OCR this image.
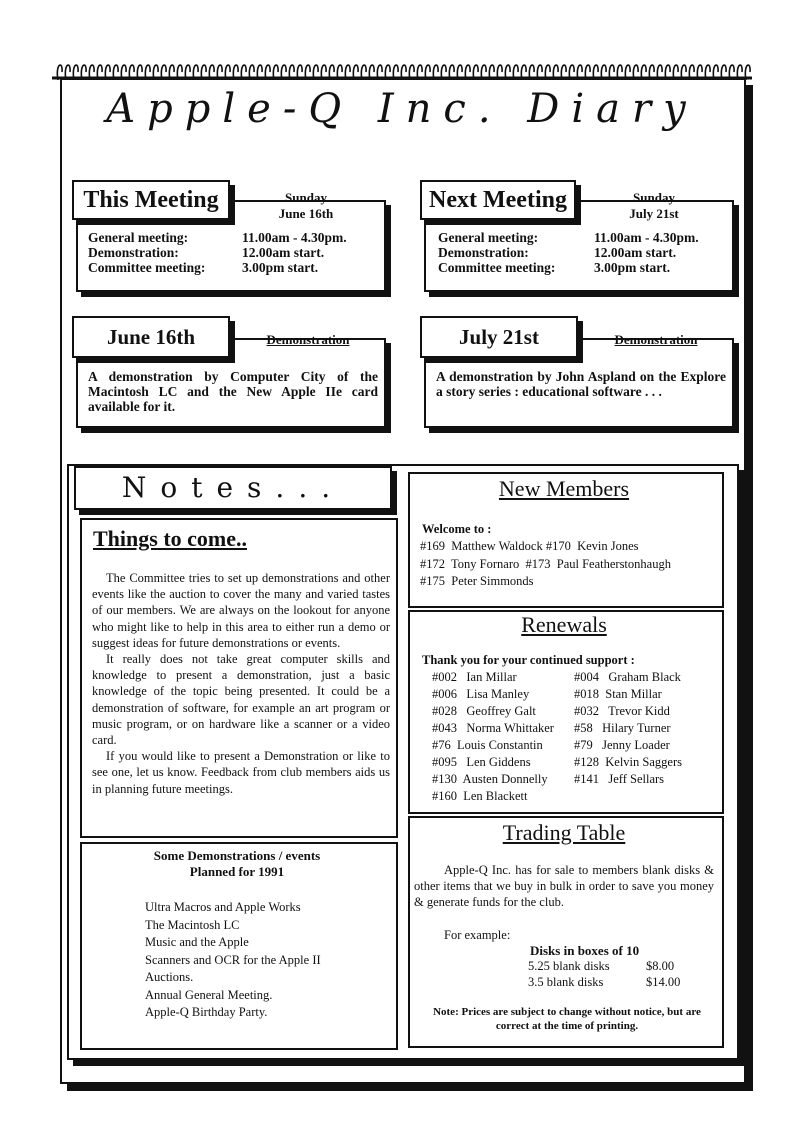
Apple-Q Inc. Diary
This Meeting	Sunday
June 16th
General meeting:	11.00am - 4.30pm.
Demonstration:	12.00am start.
Committee meeting:	3.00pm start.
Next Meeting	Sunday
July 21st
General meeting:	11.00am - 4.30pm.
Demonstration:	12.00am start.
Committee meeting:	3.00pm start.
June 16th	Demonstration
A demonstration by Computer City of the Macintosh LC and the New Apple IIe card available for it.
July 21st	Demonstration
A demonstration by John Aspland on the Explore a story series : educational software . . .
Notes...
Things to come..
The Committee tries to set up demonstrations and other events like the auction to cover the many and varied tastes of our members. We are always on the lookout for anyone who might like to help in this area to either run a demo or suggest ideas for future demonstrations or events.
It really does not take great computer skills and knowledge to present a demonstration, just a basic knowledge of the topic being presented. It could be a demonstration of software, for example an art program or music program, or on hardware like a scanner or a video card.
If you would like to present a Demonstration or like to see one, let us know. Feedback from club members aids us in planning future meetings.
Some Demonstrations / events
Planned for 1991
Ultra Macros and Apple Works
The Macintosh LC
Music and the Apple
Scanners and OCR for the Apple II
Auctions.
Annual General Meeting.
Apple-Q Birthday Party.
New Members
Welcome to :
#169  Matthew Waldock #170  Kevin Jones
#172  Tony Fornaro  #173  Paul Featherstonhaugh
#175  Peter Simmonds
Renewals
Thank you for your continued support :
#002   Ian Millar	#004   Graham Black
#006   Lisa Manley	#018  Stan Millar
#028   Geoffrey Galt	#032   Trevor Kidd
#043   Norma Whittaker	#58   Hilary Turner
#76  Louis Constantin	#79   Jenny Loader
#095   Len Giddens	#128  Kelvin Saggers
#130  Austen Donnelly	#141   Jeff Sellars
#160  Len Blackett	
Trading Table
Apple-Q Inc. has for sale to members blank disks & other items that we buy in bulk in order to save you money & generate funds for the club.
For example:
Disks in boxes of 10
5.25 blank disks	$8.00
3.5 blank disks	$14.00
Note: Prices are subject to change without notice, but are correct at the time of printing.
